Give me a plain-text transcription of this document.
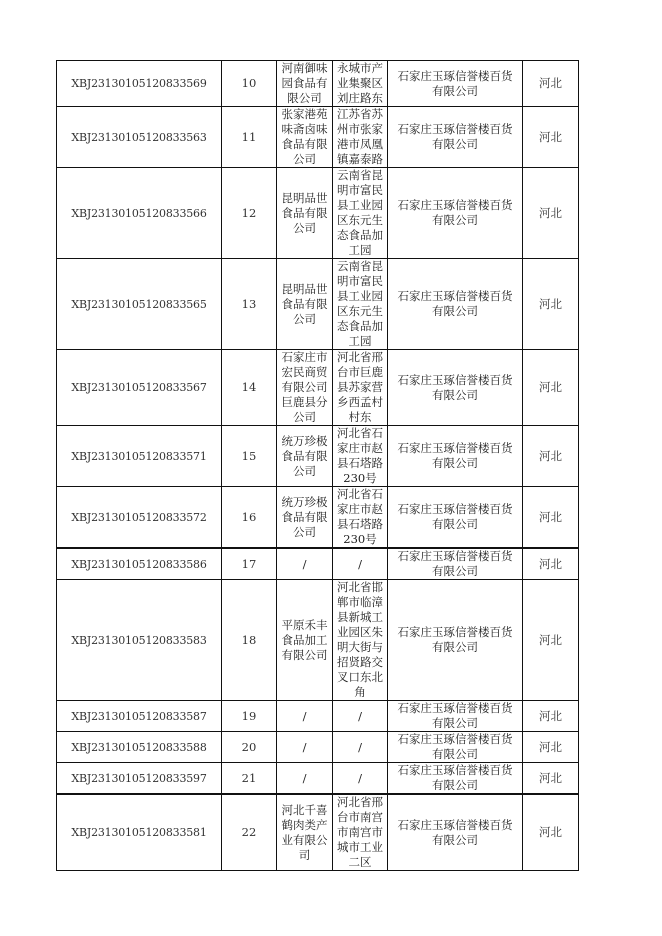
XBJ23130105120833569	10	河南御味园食品有限公司	永城市产业集聚区刘庄路东	石家庄玉琢信誉楼百货有限公司	河北
XBJ23130105120833563	11	张家港苑味斋卤味食品有限公司	江苏省苏州市张家港市凤凰镇嘉泰路	石家庄玉琢信誉楼百货有限公司	河北
XBJ23130105120833566	12	昆明品世食品有限公司	云南省昆明市富民县工业园区东元生态食品加工园	石家庄玉琢信誉楼百货有限公司	河北
XBJ23130105120833565	13	昆明品世食品有限公司	云南省昆明市富民县工业园区东元生态食品加工园	石家庄玉琢信誉楼百货有限公司	河北
XBJ23130105120833567	14	石家庄市宏民商贸有限公司巨鹿县分公司	河北省邢台市巨鹿县苏家营乡西孟村村东	石家庄玉琢信誉楼百货有限公司	河北
XBJ23130105120833571	15	统万珍极食品有限公司	河北省石家庄市赵县石塔路230号	石家庄玉琢信誉楼百货有限公司	河北
XBJ23130105120833572	16	统万珍极食品有限公司	河北省石家庄市赵县石塔路230号	石家庄玉琢信誉楼百货有限公司	河北
XBJ23130105120833586	17	/	/	石家庄玉琢信誉楼百货有限公司	河北
XBJ23130105120833583	18	平原禾丰食品加工有限公司	河北省邯郸市临漳县新城工业园区朱明大街与招贤路交叉口东北角	石家庄玉琢信誉楼百货有限公司	河北
XBJ23130105120833587	19	/	/	石家庄玉琢信誉楼百货有限公司	河北
XBJ23130105120833588	20	/	/	石家庄玉琢信誉楼百货有限公司	河北
XBJ23130105120833597	21	/	/	石家庄玉琢信誉楼百货有限公司	河北
XBJ23130105120833581	22	河北千喜鹤肉类产业有限公司	河北省邢台市南宫市南宫市城市工业二区	石家庄玉琢信誉楼百货有限公司	河北
